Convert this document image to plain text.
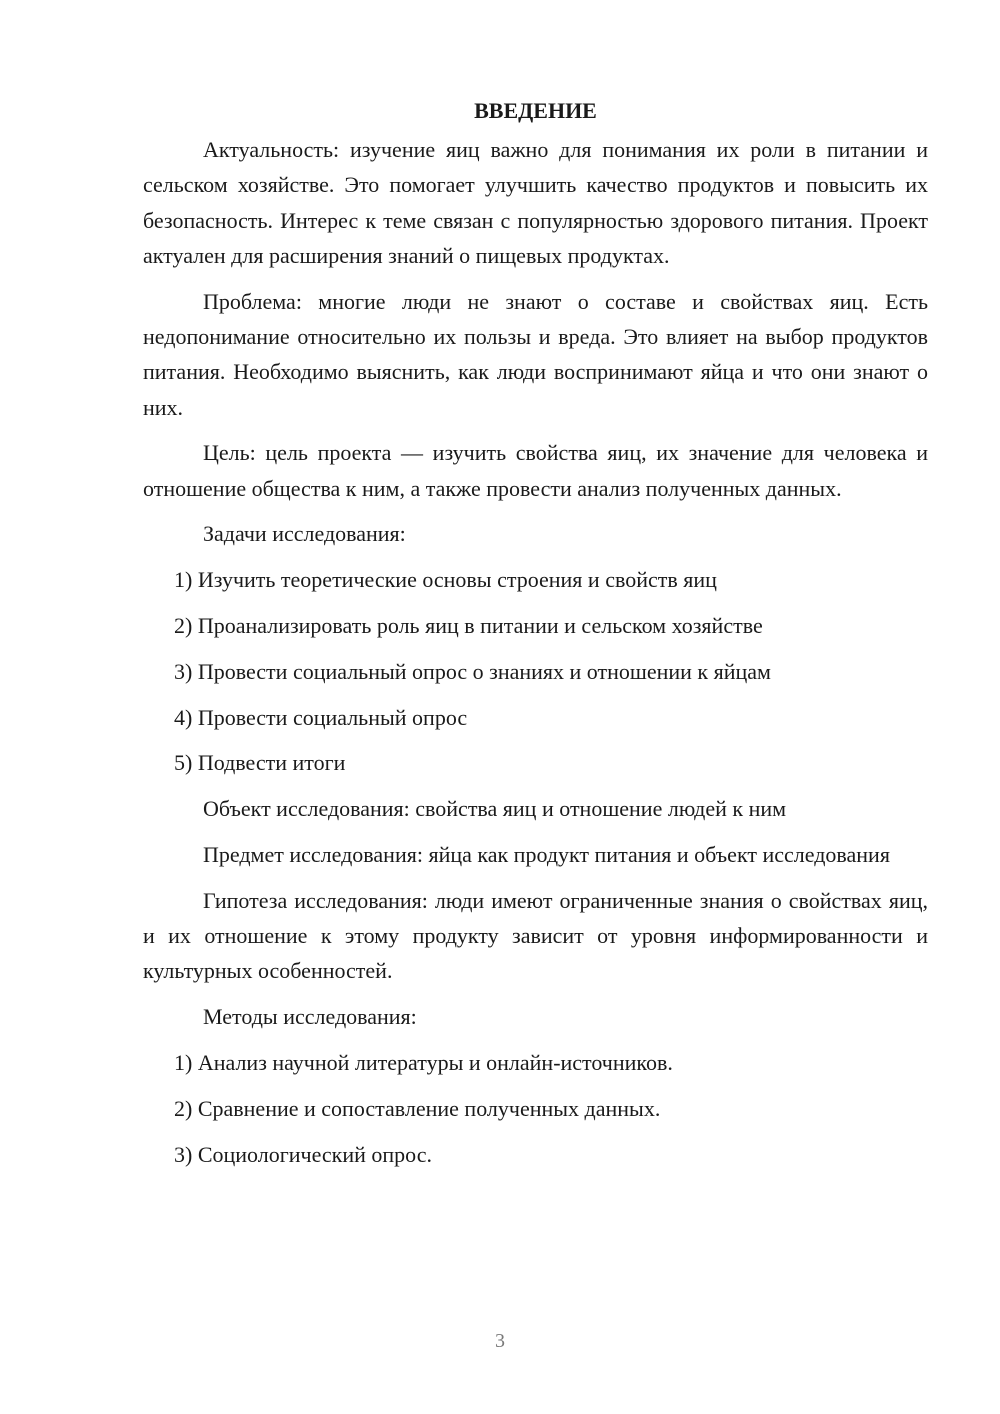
ВВЕДЕНИЕ

Актуальность: изучение яиц важно для понимания их роли в питании и сельском хозяйстве. Это помогает улучшить качество продуктов и повысить их безопасность. Интерес к теме связан с популярностью здорового питания. Проект актуален для расширения знаний о пищевых продуктах.

Проблема: многие люди не знают о составе и свойствах яиц. Есть недопонимание относительно их пользы и вреда. Это влияет на выбор продуктов питания. Необходимо выяснить, как люди воспринимают яйца и что они знают о них.

Цель: цель проекта — изучить свойства яиц, их значение для человека и отношение общества к ним, а также провести анализ полученных данных.

Задачи исследования:

1) Изучить теоретические основы строения и свойств яиц
2) Проанализировать роль яиц в питании и сельском хозяйстве
3) Провести социальный опрос о знаниях и отношении к яйцам
4) Провести социальный опрос
5) Подвести итоги

Объект исследования: свойства яиц и отношение людей к ним

Предмет исследования: яйца как продукт питания и объект исследования

Гипотеза исследования: люди имеют ограниченные знания о свойствах яиц, и их отношение к этому продукту зависит от уровня информированности и культурных особенностей.

Методы исследования:

1) Анализ научной литературы и онлайн-источников.
2) Сравнение и сопоставление полученных данных.
3) Социологический опрос.
3
